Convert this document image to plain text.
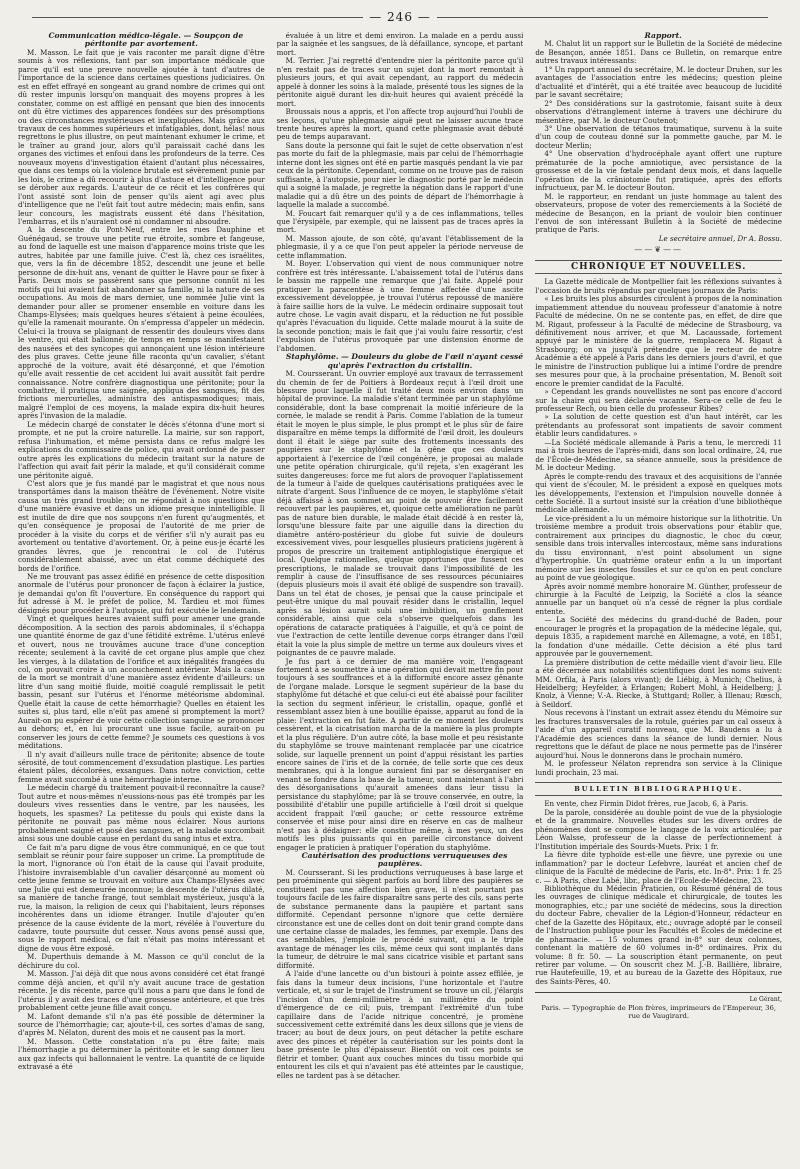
— 246 —

Communication médico-légale. — Soupçon de péritonite par avortement.

M. Masson. Le fait que je vais raconter me paraît digne d'être soumis à vos réflexions, tant par son importance médicale que parce qu'il est une preuve nouvelle ajoutée à tant d'autres de l'importance de la science dans certaines questions judiciaires. On est en effet effrayé en songeant au grand nombre de crimes qui ont dû rester impunis lorsqu'on manquait des moyens propres à les constater, comme on est affligé en pensant que bien des innocents ont dû être victimes des apparences fondées sur des présomptions ou des circonstances mystérieuses et inexpliquées. Mais grâce aux travaux de ces hommes supérieurs et infatigables, dont, hélas! nous regrettons le plus illustre, on peut maintenant exhumer le crime, et le traîner au grand jour, alors qu'il paraissait caché dans les organes des victimes et enfoui dans les profondeurs de la terre. Ces nouveaux moyens d'investigation étaient d'autant plus nécessaires, que dans ces temps où la violence brutale est sévèrement punie par les lois, le crime a dû recourir à plus d'astuce et d'intelligence pour se dérober aux regards. L'auteur de ce récit et les confrères qui l'ont assisté sont loin de penser qu'ils aient agi avec plus d'intelligence que ne l'eût fait tout autre médecin; mais enfin, sans leur concours, les magistrats eussent été dans l'hésitation, l'embarras, et ils n'auraient osé ni condamner ni absoudre.

A la descente du Pont-Neuf, entre les rues Dauphine et Guénégaud, se trouve une petite rue étroite, sombre et fangeuse, au fond de laquelle est une maison d'apparence moins triste que les autres, habitée par une famille juive. C'est là, chez ces israélites, que, vers la fin de décembre 1852, descendit une jeune et belle personne de dix-huit ans, venant de quitter le Havre pour se fixer à Paris. Deux mois se passèrent sans que personne connût ni les motifs qui lui avaient fait abandonner sa famille, ni la nature de ses occupations. Au mois de mars dernier, une nommée Julie vint la demander pour aller se promener ensemble en voiture dans les Champs-Elysées; mais quelques heures s'étaient à peine écoulées, qu'elle la ramenait mourante. On s'empressa d'appeler un médecin. Celui-ci la trouva se plaignant de ressentir des douleurs vives dans le ventre, qui était ballonné; de temps en temps se manifestaient des nausées et des syncopes qui annonçaient une lésion intérieure des plus graves. Cette jeune fille raconta qu'un cavalier, s'étant approché de la voiture, avait été désarçonné, et que l'émotion qu'elle avait ressentie de cet accident lui avait aussitôt fait perdre connaissance. Notre confrère diagnostiqua une péritonite; pour la combattre, il pratiqua une saignée, appliqua des sangsues, fit des frictions mercurielles, administra des antispasmodiques; mais, malgré l'emploi de ces moyens, la malade expira dix-huit heures après l'invasion de la maladie.

Le médecin chargé de constater le décès s'étonna d'une mort si prompte, et ne put la croire naturelle. La mairie, sur son rapport, refusa l'inhumation, et même persista dans ce refus malgré les explications du commissaire de police, qui avait ordonné de passer outre après les explications du médecin traitant sur la nature de l'affection qui avait fait périr la malade, et qu'il considérait comme une péritonite aiguë.

C'est alors que je fus mandé par le magistrat et que nous nous transportâmes dans la maison théâtre de l'événement. Notre visite causa un très grand trouble; on ne répondait à nos questions que d'une manière évasive et dans un idiome presque inintelligible. Il est inutile de dire que nos soupçons n'en furent qu'augmentés, et qu'en conséquence je proposai de l'autorité de me prier de procéder à la visite du corps et de vérifier s'il n'y aurait pas eu avortement ou tentative d'avortement. Or, à peine eus-je écarté les grandes lèvres, que je rencontrai le col de l'utérus considérablement abaissé, avec un état comme déchiqueté des bords de l'orifice.

Ne me trouvant pas assez édifié en présence de cette disposition anormale de l'utérus pour prononcer de façon à éclairer la justice, je demandai qu'on fît l'ouverture. En conséquence du rapport qui fut adressé à M. le préfet de police, M. Tardieu et moi fûmes désignés pour procéder à l'autopsie, qui fut exécutée le lendemain.

Vingt et quelques heures avaient suffi pour amener une grande décomposition. A la section des parois abdominales, il s'échappa une quantité énorme de gaz d'une fétidité extrême. L'utérus enlevé et ouvert, nous ne trouvâmes aucune trace d'une conception récente; seulement à la cavité de cet organe plus ample que chez les vierges, à la dilatation de l'orifice et aux inégalités frangées du col, on pouvait croire à un accouchement antérieur. Mais la cause de la mort se montrait d'une manière assez évidente d'ailleurs: un litre d'un sang moitié fluide, moitié coagulé remplissait le petit bassin, pesant sur l'utérus et l'énorme météorisme abdominal. Quelle était la cause de cette hémorrhagie? Quelles en étaient les suites si, plus tard, elle n'eût pas amené si promptement la mort? Aurait-on pu espérer de voir cette collection sanguine se prononcer au dehors; et, en lui procurant une issue facile, aurait-on pu conserver les jours de cette femme? Je soumets ces questions à vos méditations.

Il n'y avait d'ailleurs nulle trace de péritonite; absence de toute sérosité, de tout commencement d'exsudation plastique. Les parties étaient pâles, décolorées, exsangues. Dans notre conviction, cette femme avait succombé à une hémorrhagie interne.

Le médecin chargé du traitement pouvait-il reconnaître la cause? Tout autre et nous-mêmes n'eussions-nous pas été trompés par les douleurs vives ressenties dans le ventre, par les nausées, les hoquets, les spasmes? La petitesse du pouls qui existe dans la péritonite ne pouvait pas même nous éclairer. Nous aurions probablement saigné et posé des sangsues, et la malade succombait ainsi sous une double cause en perdant du sang intus et extra.

Ce fait m'a paru digne de vous être communiqué, en ce que tout semblait se réunir pour faire supposer un crime. La promptitude de la mort, l'ignorance où l'on était de la cause qui l'avait produite, l'histoire invraisemblable d'un cavalier désarçonné au moment où cette jeune femme se trouvait en voiture aux Champs-Elysées avec une Julie qui est demeurée inconnue; la descente de l'utérus dilaté, sa manière de tanche frangé, tout semblait mystérieux, jusqu'à la rue, la maison, la religion de ceux qui l'habitaient, leurs réponses incohérentes dans un idiome étranger. Inutile d'ajouter qu'en présence de la cause évidente de la mort, révélée à l'ouverture du cadavre, toute poursuite dut cesser. Nous avons pensé aussi que, sous le rapport médical, ce fait n'était pas moins intéressant et digne de vous être exposé.

M. Duperthuis demande à M. Masson ce qu'il conclut de la déchirure du col.

M. Masson. J'ai déjà dit que nous avons considéré cet état frangé comme déjà ancien, et qu'il n'y avait aucune trace de gestation récente. Je dis récente, parce qu'il nous a paru que dans le fond de l'utérus il y avait des traces d'une grossesse antérieure, et que très probablement cette jeune fille avait conçu.

M. Lafont demande s'il n'a pas été possible de déterminer la source de l'hémorrhagie; car, ajoute-t-il, ces sortes d'amas de sang, d'après M. Nélaton, durent des mois et ne causent pas la mort.

M. Masson. Cette constatation n'a pu être faite; mais l'hémorrhagie a pu déterminer la péritonite et le sang donner lieu aux gaz infects qui ballonnaient le ventre. La quantité de ce liquide extravasé a été

évaluée à un litre et demi environ. La malade en a perdu aussi par la saignée et les sangsues, de là défaillance, syncope, et partant mort.

M. Terrier. J'ai regretté d'entendre nier la péritonite parce qu'il n'en restait pas de traces sur un sujet dont la mort remontait à plusieurs jours, et qui avait cependant, au rapport du médecin appelé à donner les soins à la malade, présenté tous les signes de la péritonite aiguë durant les dix-huit heures qui avaient précédé la mort.

Broussais nous a appris, et l'on affecte trop aujourd'hui l'oubli de ses leçons, qu'une phlegmasie aiguë peut ne laisser aucune trace trente heures après la mort, quand cette phlegmasie avait débuté peu de temps auparavant.

Sans doute la personne qui fait le sujet de cette observation n'est pas morte du fait de la phlegmasie, mais par celui de l'hémorrhagie interne dont les signes ont été en partie masqués pendant la vie par ceux de la péritonite. Cependant, comme on ne trouve pas de raison suffisante, à l'autopsie, pour nier le diagnostic porté par le médecin qui a soigné la malade, je regrette la négation dans le rapport d'une maladie qui a dû être un des points de départ de l'hémorrhagie à laquelle la malade a succombé.

M. Foucart fait remarquer qu'il y a de ces inflammations, telles que l'érysipèle, par exemple, qui ne laissent pas de traces après la mort.

M. Masson ajoute, de son côté, qu'avant l'établissement de la phlegmasie, il y a ce que l'on peut appeler la période nerveuse de cette inflammation.

M. Boyer. L'observation qui vient de nous communiquer notre confrère est très intéressante. L'abaissement total de l'utérus dans le bassin me rappelle une remarque que j'ai faite. Appelé pour pratiquer la paracentèse à une femme affectée d'une ascite excessivement développée, je trouvai l'utérus repoussé de manière à faire saillie hors de la vulve. Le médecin ordinaire supposait tout autre chose. Le vagin avait disparu, et la réduction ne fut possible qu'après l'évacuation du liquide. Cette malade mourut à la suite de la seconde ponction; mais le fait que j'ai voulu faire ressortir, c'est l'expulsion de l'utérus provoquée par une distension énorme de l'abdomen.

Staphylôme. — Douleurs du globe de l'œil n'ayant cessé qu'après l'extraction du cristallin.

M. Coursserant. Un ouvrier employé aux travaux de terrassement du chemin de fer de Poitiers à Bordeaux reçut à l'œil droit une blessure pour laquelle il fut traité deux mois environ dans un hôpital de province. La maladie s'étant terminée par un staphylôme considérable, dont la base comprenait la moitié inférieure de la cornée, le malade se rendit à Paris. Comme l'ablation de la tumeur était le moyen le plus simple, le plus prompt et le plus sûr de faire disparaître en même temps la difformité de l'œil droit, les douleurs dont il était le siège par suite des frottements incessants des paupières sur le staphylôme et la gêne que ces douleurs apportaient à l'exercice de l'œil congénère, je proposai au malade une petite opération chirurgicale, qu'il rejeta, s'en exagérant les suites dangereuses: force me fut alors de provoquer l'aplatissement de la tumeur à l'aide de quelques cautérisations pratiquées avec le nitrate d'argent. Sous l'influence de ce moyen, le staphylôme s'était déjà affaissé à son sommet au point de pouvoir être facilement recouvert par les paupières, et, quoique cette amélioration ne parût pas de nature bien durable, le malade était décidé à en rester là, lorsqu'une blessure faite par une aiguille dans la direction du diamètre antéro-postérieur du globe fut suivie de douleurs excessivement vives, pour lesquelles plusieurs praticiens jugèrent à propos de prescrire un traitement antiphlogistique énergique et local. Quelque rationnelles, quelque opportunes que fussent ces prescriptions, le malade se trouvait dans l'impossibilité de les remplir à cause de l'insuffisance de ses ressources pécuniaires (depuis plusieurs mois il avait été obligé de suspendre son travail). Dans un tel état de choses, je pensai que la cause principale et peut-être unique du mal pouvait résider dans le cristallin, lequel après sa lésion aurait subi une imbibition, un gonflement considérable, ainsi que cela s'observe quelquefois dans les opérations de cataracte pratiquées à l'aiguille, et qu'à ce point de vue l'extraction de cette lentille devenue corps étranger dans l'œil était la voie la plus simple de mettre un terme aux douleurs vives et poignantes de ce pauvre malade.

Je fus part à ce dernier de ma manière voir, l'engageant fortement à se soumettre à une opération qui devait mettre fin pour toujours à ses souffrances et à la difformité encore assez gênante de l'organe malade. Lorsque le segment supérieur de la base du staphylôme fut détaché et que celui-ci eut été abaissé pour faciliter la section du segment inférieur, le cristallin, opaque, gonflé et ressemblant assez bien à une bouillie épaisse, apparut au fond de la plaie: l'extraction en fut faite. A partir de ce moment les douleurs cessèrent, et la cicatrisation marcha de la manière la plus prompte et la plus régulière. D'un autre côté, la base molle et peu résistante du staphylôme se trouve maintenant remplacée par une cicatrice solide, sur laquelle prennent un point d'appui résistant les parties encore saines de l'iris et de la cornée, de telle sorte que ces deux membranes, qui à la longue auraient fini par se désorganiser en venant se fondre dans la base de la tumeur, sont maintenant à l'abri des désorganisations qu'aurait amenées dans leur tissu la persistance du staphylôme; par là se trouve conservée, en outre, la possibilité d'établir une pupille artificielle à l'œil droit si quelque accident frappait l'œil gauche; or cette ressource extrême conservée et mise pour ainsi dire en réserve en cas de malheur n'est pas à dédaigner: elle constitue même, à mes yeux, un des motifs les plus puissants qui en pareille circonstance doivent engager le praticien à pratiquer l'opération du staphylôme.

Cautérisation des productions verruqueuses des paupières.

M. Coursserant. Si les productions verruqueuses à base large et peu proéminente qui siègent parfois au bord libre des paupières se constituent pas une affection bien grave, il n'est pourtant pas toujours facile de les faire disparaître sans perte des cils, sans perte de substance permanente dans la paupière et partant sans difformité. Cependant personne n'ignore que cette dernière circonstance est une de celles dont on doit tenir grand compte dans une certaine classe de malades, les femmes, par exemple. Dans des cas semblables, j'emploie le procédé suivant, qui a le triple avantage de ménager les cils, même ceux qui sont implantés dans la tumeur, de détruire le mal sans cicatrice visible et partant sans difformité.

A l'aide d'une lancette ou d'un bistouri à pointe assez effilée, je fais dans la tumeur deux incisions, l'une horizontale et l'autre verticale, et, si sur le trajet de l'instrument se trouve un cil, j'élargis l'incision d'un demi-millimètre à un millimètre du point d'émergence de ce cil; puis, trempant l'extrémité d'un tube capillaire dans de l'acide nitrique concentré, je promène successivement cette extrémité dans les deux sillons que je viens de tracer; au bout de deux jours, on peut détacher la petite eschare avec des pinces et répéter la cautérisation sur les points dont la base présente le plus d'épaisseur. Bientôt on voit ces points se flétrir et tomber. Quant aux couches minces du tissu morbide qui entourent les cils et qui n'avaient pas été atteintes par le caustique, elles ne tardent pas à se détacher.

Rapport.

M. Chalut lit un rapport sur le Bulletin de la Société de médecine de Besançon, année 1851. Dans ce Bulletin, on remarque entre autres travaux intéressants:

1° Un rapport annuel du secrétaire, M. le docteur Druhen, sur les avantages de l'association entre les médecins; question pleine d'actualité et d'intérêt, qui a été traitée avec beaucoup de lucidité par le savant secrétaire;

2° Des considérations sur la gastrotomie, faisant suite à deux observations d'étranglement interne à travers une déchirure du mésentère, par M. le docteur Coutenot;

3° Une observation de tétanos traumatique, survenu à la suite d'un coup de couteau donné sur la pommette gauche, par M. le docteur Merlin;

4° Une observation d'hydrocéphale ayant offert une rupture prématurée de la poche amniotique, avec persistance de la grossesse et de la vie fœtale pendant deux mois, et dans laquelle l'opération de la crâniotomie fut pratiquée, après des efforts infructueux, par M. le docteur Bouton.

M. le rapporteur, en rendant un juste hommage au talent des observateurs, propose de voter des remerciements à la Société de médecine de Besançon, en la priant de vouloir bien continuer l'envoi de son intéressant Bulletin à la Société de médecine pratique de Paris.

Le secrétaire annuel, Dr A. Bossu.

——❦——
CHRONIQUE ET NOUVELLES.

La Gazette médicale de Montpellier fait les réflexions suivantes à l'occasion de bruits répandus par quelques journaux de Paris:

« Les bruits les plus absurdes circulent à propos de la nomination impatiemment attendue du nouveau professeur d'anatomie à notre Faculté de médecine. On ne se contente pas, en effet, de dire que M. Rigaut, professeur à la Faculté de médecine de Strasbourg, va définitivement nous arriver, et que M. Lacaussade, fortement appuyé par le ministère de la guerre, remplacera M. Rigaut à Strasbourg; on va jusqu'à prétendre que le recteur de notre Académie a été appelé à Paris dans les derniers jours d'avril, et que le ministre de l'instruction publique lui a intimé l'ordre de prendre ses mesures pour que, à la prochaine présentation, M. Benoît soit encore le premier candidat de la Faculté.

» Cependant les grands nouvellistes ne sont pas encore d'accord sur la chaire qui sera déclarée vacante. Sera-ce celle de feu le professeur Rech, ou bien celle du professeur Ribes?

» La solution de cette question est d'un haut intérêt, car les prétendants au professorat sont impatients de savoir comment établir leurs candidatures. »

—La Société médicale allemande à Paris a tenu, le mercredi 11 mai à trois heures de l'après-midi, dans son local ordinaire, 24, rue de l'École-de-Médecine, sa séance annuelle, sous la présidence de M. le docteur Meding.

Après le compte-rendu des travaux et des acquisitions de l'année qui vient de s'écouler, M. le président a exposé en quelques mots les développements, l'extension et l'impulsion nouvelle donnée à cette Société. Il a surtout insisté sur la création d'une bibliothèque médicale allemande.

Le vice-président a lu un mémoire historique sur la lithotritie. Un troisième membre a produit trois observations pour établir que, contrairement aux principes du diagnostic, le choc du cœur, sensible dans trois intervalles intercostaux, même sans indurations du tissu environnant, n'est point absolument un signe d'hypertrophie. Un quatrième orateur enfin a lu un important mémoire sur les insectes fossiles et sur ce qu'on en peut conclure au point de vue géologique.

Après avoir nommé membre honoraire M. Günther, professeur de chirurgie à la Faculté de Leipzig, la Société a clos la séance annuelle par un banquet où n'a cessé de régner la plus cordiale entente.

— La Société des médecins du grand-duché de Baden, pour encourager le progrès et la propagation de la médecine légale, qui, depuis 1835, a rapidement marché en Allemagne, a voté, en 1851, la fondation d'une médaille. Cette décision a été plus tard approuvée par le gouvernement.

La première distribution de cette médaille vient d'avoir lieu. Elle a été décernée aux notabilités scientifiques dont les noms suivent: MM. Orfila, à Paris (alors vivant); de Liébig, à Munich; Chelius, à Heidelberg; Heyfelder, à Erlangen; Robert Mohl, à Heidelberg; J. Knolz, à Vienne; V.-A. Riecke, à Stuttgard; Roller, à Illenau; Rœsch, à Seildorf.

Nous recevons à l'instant un extrait assez étendu du Mémoire sur les fractures transversales de la rotule, guéries par un cal osseux à l'aide d'un appareil curatif nouveau, que M. Baudens a lu à l'Académie des sciences dans la séance de lundi dernier. Nous regrettons que le défaut de place ne nous permette pas de l'insérer aujourd'hui. Nous le donnerons dans le prochain numéro.

M. le professeur Nélaton reprendra son service à la Clinique lundi prochain, 23 mai.

BULLETIN BIBLIOGRAPHIQUE.

En vente, chez Firmin Didot frères, rue Jacob, 6, à Paris.

De la parole, considérée au double point de vue de la physiologie et de la grammaire. Nouvelles études sur les divers ordres de phénomènes dont se compose le langage de la voix articulée; par Léon Walsse, professeur de la classe de perfectionnement à l'Institution impériale des Sourds-Muets. Prix: 1 fr.

La fièvre dite typhoïde est-elle une fièvre, une pyrexie ou une inflammation? par le docteur Lefebvre, lauréat et ancien chef de clinique de la Faculté de médecine de Paris, etc. In-8°. Prix: 1 fr. 25 c. — A Paris, chez Labé, libr., place de l'Ecole-de-Médecine, 23.

Bibliothèque du Médecin Praticien, ou Résumé général de tous les ouvrages de clinique médicale et chirurgicale, de toutes les monographies, etc.; par une société de médecins, sous la direction du docteur Fabre, chevalier de la Légion-d'Honneur, rédacteur en chef de la Gazette des Hôpitaux, etc.; ouvrage adopté par le conseil de l'Instruction publique pour les Facultés et Écoles de médecine et de pharmacie. — 15 volumes grand in-8° sur deux colonnes, contenant la matière de 60 volumes in-8° ordinaires. Prix du volume: 8 fr. 50. — La souscription étant permanente, on peut retirer par volume. — On souscrit chez M. J.-B. Baillière, libraire, rue Hautefeuille, 19, et au bureau de la Gazette des Hôpitaux, rue des Saints-Pères, 40.

Le Gérant,
Paris. — Typographie de Plon frères, imprimeurs de l'Empereur, 36, rue de Vaugirard.
